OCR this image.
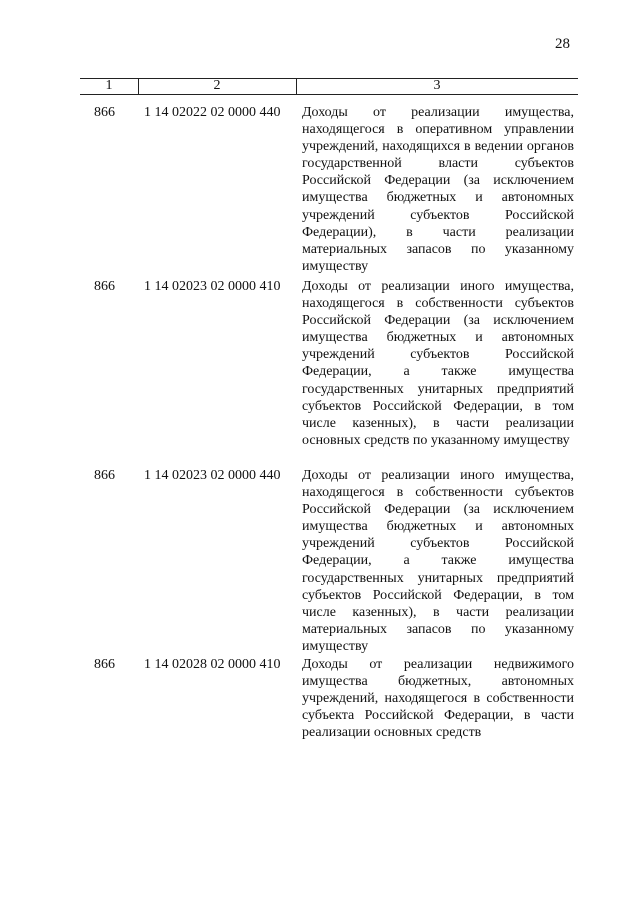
28
1	2	3
866	1 14 02022 02 0000 440	Доходы от реализации имущества, находящегося в оперативном управлении учреждений, находящихся в ведении органов государственной власти субъектов Российской Федерации (за исключением имущества бюджетных и автономных учреждений субъектов Российской Федерации), в части реализации материальных запасов по указанному имуществу
866	1 14 02023 02 0000 410	Доходы от реализации иного имущества, находящегося в собственности субъектов Российской Федерации (за исключением имущества бюджетных и автономных учреждений субъектов Российской Федерации, а также имущества государственных унитарных предприятий субъектов Российской Федерации, в том числе казенных), в части реализации основных средств по указанному имуществу
866	1 14 02023 02 0000 440	Доходы от реализации иного имущества, находящегося в собственности субъектов Российской Федерации (за исключением имущества бюджетных и автономных учреждений субъектов Российской Федерации, а также имущества государственных унитарных предприятий субъектов Российской Федерации, в том числе казенных), в части реализации материальных запасов по указанному имуществу
866	1 14 02028 02 0000 410	Доходы от реализации недвижимого имущества бюджетных, автономных учреждений, находящегося в собственности субъекта Российской Федерации, в части реализации основных средств
